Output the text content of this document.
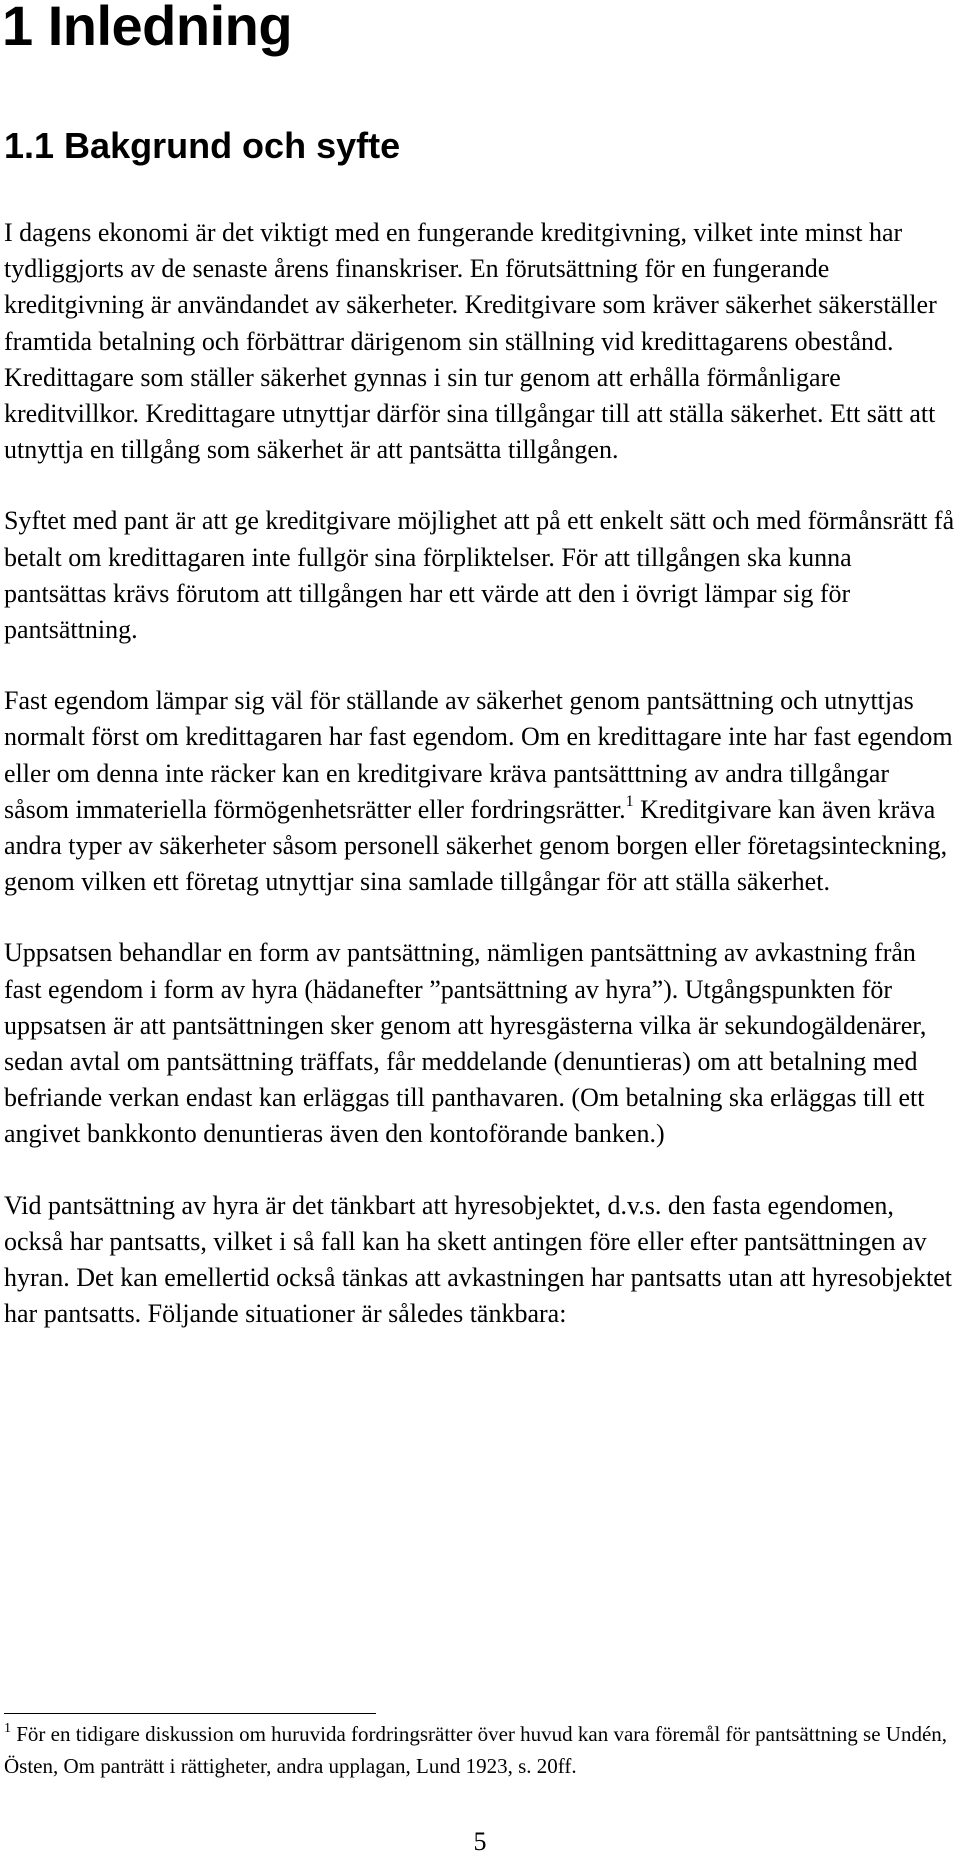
1 Inledning
1.1 Bakgrund och syfte

I dagens ekonomi är det viktigt med en fungerande kreditgivning, vilket inte minst har tydliggjorts av de senaste årens finanskriser. En förutsättning för en fungerande kreditgivning är användandet av säkerheter. Kreditgivare som kräver säkerhet säkerställer framtida betalning och förbättrar därigenom sin ställning vid kredittagarens obestånd. Kredittagare som ställer säkerhet gynnas i sin tur genom att erhålla förmånligare kreditvillkor. Kredittagare utnyttjar därför sina tillgångar till att ställa säkerhet. Ett sätt att utnyttja en tillgång som säkerhet är att pantsätta tillgången.

Syftet med pant är att ge kreditgivare möjlighet att på ett enkelt sätt och med förmånsrätt få betalt om kredittagaren inte fullgör sina förpliktelser. För att tillgången ska kunna pantsättas krävs förutom att tillgången har ett värde att den i övrigt lämpar sig för pantsättning.

Fast egendom lämpar sig väl för ställande av säkerhet genom pantsättning och utnyttjas normalt först om kredittagaren har fast egendom. Om en kredittagare inte har fast egendom eller om denna inte räcker kan en kreditgivare kräva pantsätttning av andra tillgångar såsom immateriella förmögenhetsrätter eller fordringsrätter.$^1$ Kreditgivare kan även kräva andra typer av säkerheter såsom personell säkerhet genom borgen eller företagsinteckning, genom vilken ett företag utnyttjar sina samlade tillgångar för att ställa säkerhet.

Uppsatsen behandlar en form av pantsättning, nämligen pantsättning av avkastning från fast egendom i form av hyra (hädanefter ”pantsättning av hyra”). Utgångspunkten för uppsatsen är att pantsättningen sker genom att hyresgästerna vilka är sekundogäldenärer, sedan avtal om pantsättning träffats, får meddelande (denuntieras) om att betalning med befriande verkan endast kan erläggas till panthavaren. (Om betalning ska erläggas till ett angivet bankkonto denuntieras även den kontoförande banken.)

Vid pantsättning av hyra är det tänkbart att hyresobjektet, d.v.s. den fasta egendomen, också har pantsatts, vilket i så fall kan ha skett antingen före eller efter pantsättningen av hyran. Det kan emellertid också tänkas att avkastningen har pantsatts utan att hyresobjektet har pantsatts. Följande situationer är således tänkbara:

$^1$ För en tidigare diskussion om huruvida fordringsrätter över huvud kan vara föremål för pantsättning se Undén, Östen, Om panträtt i rättigheter, andra upplagan, Lund 1923, s. 20ff.
5
